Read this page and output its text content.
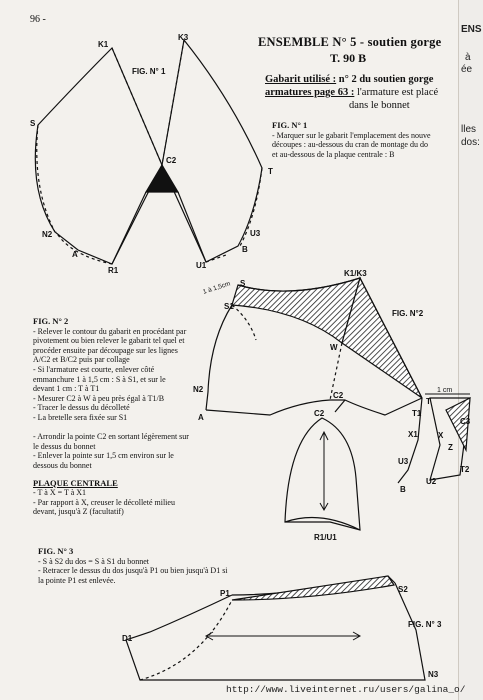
96 -
ENSEMBLE N° 5 - soutien gorge
T. 90 B
Gabarit utilisé : n° 2 du soutien gorge
armatures page 63 : l'armature est placé
dans le bonnet
FIG. N° 1
- Marquer sur le gabarit l'emplacement des nouve
découpes : au-dessous du cran de montage du do
et au-dessous de la plaque centrale : B
FIG. N° 2
- Relever le contour du gabarit en procédant par
pivotement ou bien relever le gabarit tel quel et
procéder ensuite par découpage sur les lignes
A/C2 et B/C2 puis par collage
- Si l'armature est courte, enlever côté
emmanchure 1 à 1,5 cm : S à S1, et sur le
devant 1 cm : T à T1
- Mesurer C2 à W à peu près égal à T1/B
- Tracer le dessus du décolleté
- La bretelle sera fixée sur S1
- Arrondir la pointe C2 en sortant légèrement sur
le dessus du bonnet
- Enlever la pointe sur 1,5 cm environ sur le
dessous du bonnet
PLAQUE CENTRALE
- T à X = T à X1
- Par rapport à X, creuser le décolleté milieu
devant, jusqu'à Z (facultatif)
FIG. N° 3
- S à S2 du dos = S à S1 du bonnet
- Retracer le dessus du dos jusqu'à P1 ou bien jusqu'à D1 si
la pointe P1 est enlevée.
ENS
à
ée
lles
dos:
FIG. N° 1
K1
K3
S
C2
T
N2
A
R1
U1
U3
B
FIG. N°2
K1/K3
S
S1
W
N2
A
C2
T
T1
X1
U3
B
C2
R1/U1
C3
X
Z
T2
U2
1 à 1,5cm
1 cm
FIG. N° 3
P1	S2
D1
N3
http://www.liveinternet.ru/users/galina_o/
